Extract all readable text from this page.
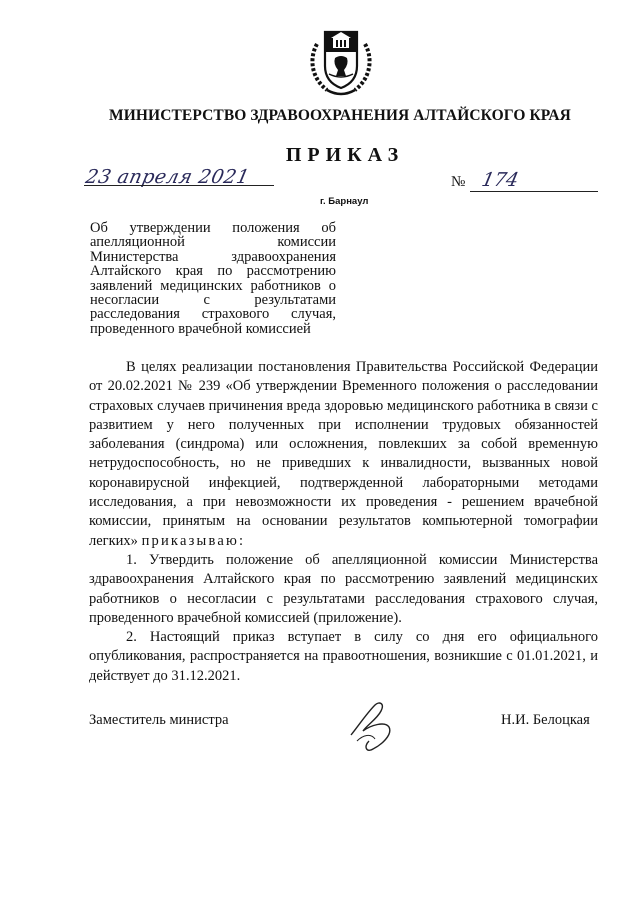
МИНИСТЕРСТВО ЗДРАВООХРАНЕНИЯ АЛТАЙСКОГО КРАЯ
ПРИКАЗ
23 апреля 2021
г. Барнаул
№ 174
Об утверждении положения об апелляционной комиссии Министерства здравоохранения Алтайского края по рассмотрению заявлений медицинских работников о несогласии с результатами расследования страхового случая, проведенного врачебной комиссией

В целях реализации постановления Правительства Российской Федерации от 20.02.2021 № 239 «Об утверждении Временного положения о расследовании страховых случаев причинения вреда здоровью медицинского работника в связи с развитием у него полученных при исполнении трудовых обязанностей заболевания (синдрома) или осложнения, повлекших за собой временную нетрудоспособность, но не приведших к инвалидности, вызванных новой коронавирусной инфекцией, подтвержденной лабораторными методами исследования, а при невозможности их проведения - решением врачебной комиссии, принятым на основании результатов компьютерной томографии легких» приказываю:

1. Утвердить положение об апелляционной комиссии Министерства здравоохранения Алтайского края по рассмотрению заявлений медицинских работников о несогласии с результатами расследования страхового случая, проведенного врачебной комиссией (приложение).

2. Настоящий приказ вступает в силу со дня его официального опубликования, распространяется на правоотношения, возникшие с 01.01.2021, и действует до 31.12.2021.

Заместитель министра	Н.И. Белоцкая
